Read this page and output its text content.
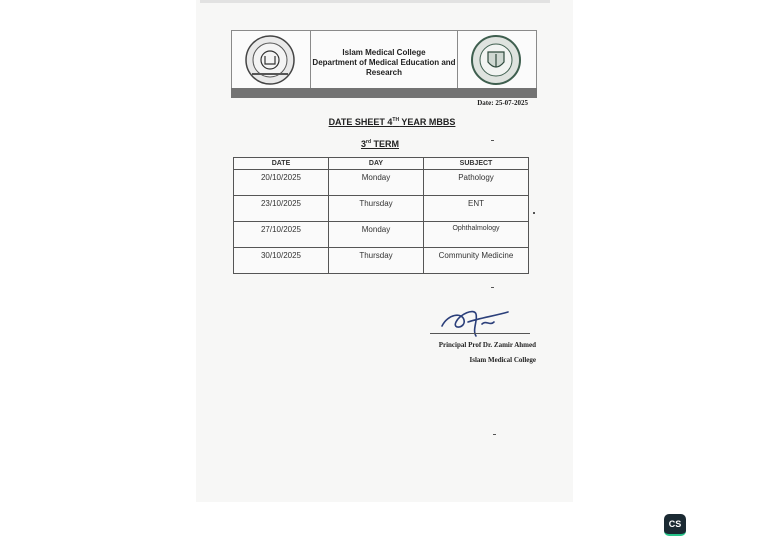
Islam Medical College
Department of Medical Education and
Research
Date: 25-07-2025
DATE SHEET 4TH YEAR MBBS
3rd TERM
DATE	DAY	SUBJECT
20/10/2025	Monday	Pathology
23/10/2025	Thursday	ENT
27/10/2025	Monday	Ophthalmology
30/10/2025	Thursday	Community Medicine
Principal Prof Dr. Zamir Ahmed
Islam Medical College
CS
